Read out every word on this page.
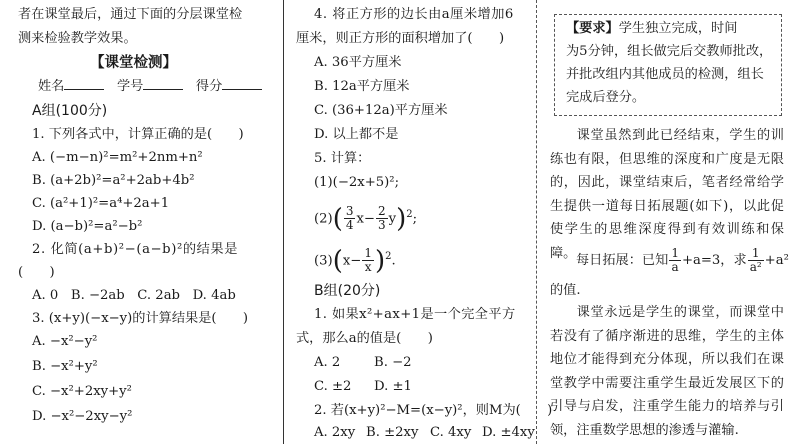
者在课堂最后，通过下面的分层课堂检
测来检验教学效果。
【课堂检测】
姓名	学号	得分
A组(100分)
1. 下列各式中，计算正确的是(　　)
A. (−m−n)²=m²+2nm+n²
B. (a+2b)²=a²+2ab+4b²
C. (a²+1)²=a⁴+2a+1
D. (a−b)²=a²−b²
2. 化简(a+b)²−(a−b)²的结果是
(　　)
A. 0 B. −2ab C. 2ab D. 4ab
3. (x+y)(−x−y)的计算结果是(　　)
A. −x²−y²
B. −x²+y²
C. −x²+2xy+y²
D. −x²−2xy−y²
4. 将正方形的边长由a厘米增加6
厘米，则正方形的面积增加了(　　)
A. 36平方厘米
B. 12a平方厘米
C. (36+12a)平方厘米
D. 以上都不是
5. 计算：
(1)(−2x+5)²;
$(2)( \frac{3}{4} x- \frac{2}{3} y)^2$;
$(3)(x- \frac{1}{x} )^2$.
B组(20分)
1. 如果x²+ax+1是一个完全平方
式，那么a的值是(　　)
A. 2	B. −2
C. ±2 D. ±1
2. 若(x+y)²−M=(x−y)²，则M为(　　)
A. 2xy B. ±2xy C. 4xy D. ±4xy
【要求】学生独立完成，时间
为5分钟，组长做完后交教师批改，
并批改组内其他成员的检测，组长
完成后登分。
课堂虽然到此已经结束，学生的训练也有限，但思维的深度和广度是无限的，因此，课堂结束后，笔者经常给学生提供一道每日拓展题(如下)，以此促使学生的思维深度得到有效训练和保障。 每日拓展：已知 $\frac{1}{a} +a=3$，求 $\frac{1}{\text{a²}} +a^2$
的值.
课堂永远是学生的课堂，而课堂中若没有了循序渐进的思维，学生的主体地位才能得到充分体现，所以我们在课堂教学中需要注重学生最近发展区下的引导与启发，注重学生能力的培养与引领，注重数学思想的渗透与灌输.
